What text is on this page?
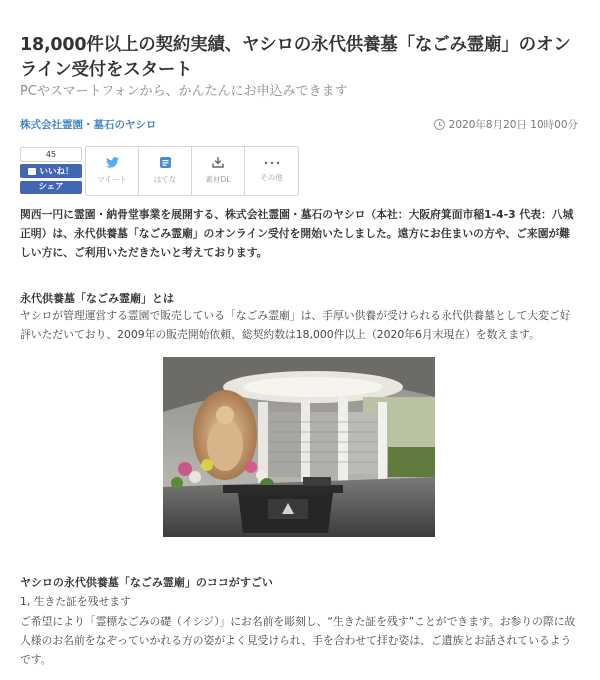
18,000件以上の契約実績、ヤシロの永代供養墓「なごみ霊廟」のオンライン受付をスタート
PCやスマートフォンから、かんたんにお申込みできます
株式会社霊園・墓石のヤシロ	2020年8月20日 10時00分
45
いいね！
シェア
ツイート	はてな	素材DL	その他

関西一円に霊園・納骨堂事業を展開する、株式会社霊園・墓石のヤシロ（本社：大阪府箕面市稲1-4-3 代表：八城 正明）は、永代供養墓「なごみ霊廟」のオンライン受付を開始いたしました。遠方にお住まいの方や、ご来園が難しい方に、ご利用いただきたいと考えております。

永代供養墓「なごみ霊廟」とは

ヤシロが管理運営する霊園で販売している「なごみ霊廟」は、手厚い供養が受けられる永代供養墓として大変ご好評いただいており、2009年の販売開始依頼、総契約数は18,000件以上（2020年6月末現在）を数えます。

ヤシロの永代供養墓「なごみ霊廟」のココがすごい

1, 生きた証を残せます

ご希望により「霊標なごみの礎（イシジ）」にお名前を彫刻し、“生きた証を残す”ことができます。お参りの際に故人様のお名前をなぞっていかれる方の姿がよく見受けられ、手を合わせて拝む姿は、ご遺族とお話されているようです。
